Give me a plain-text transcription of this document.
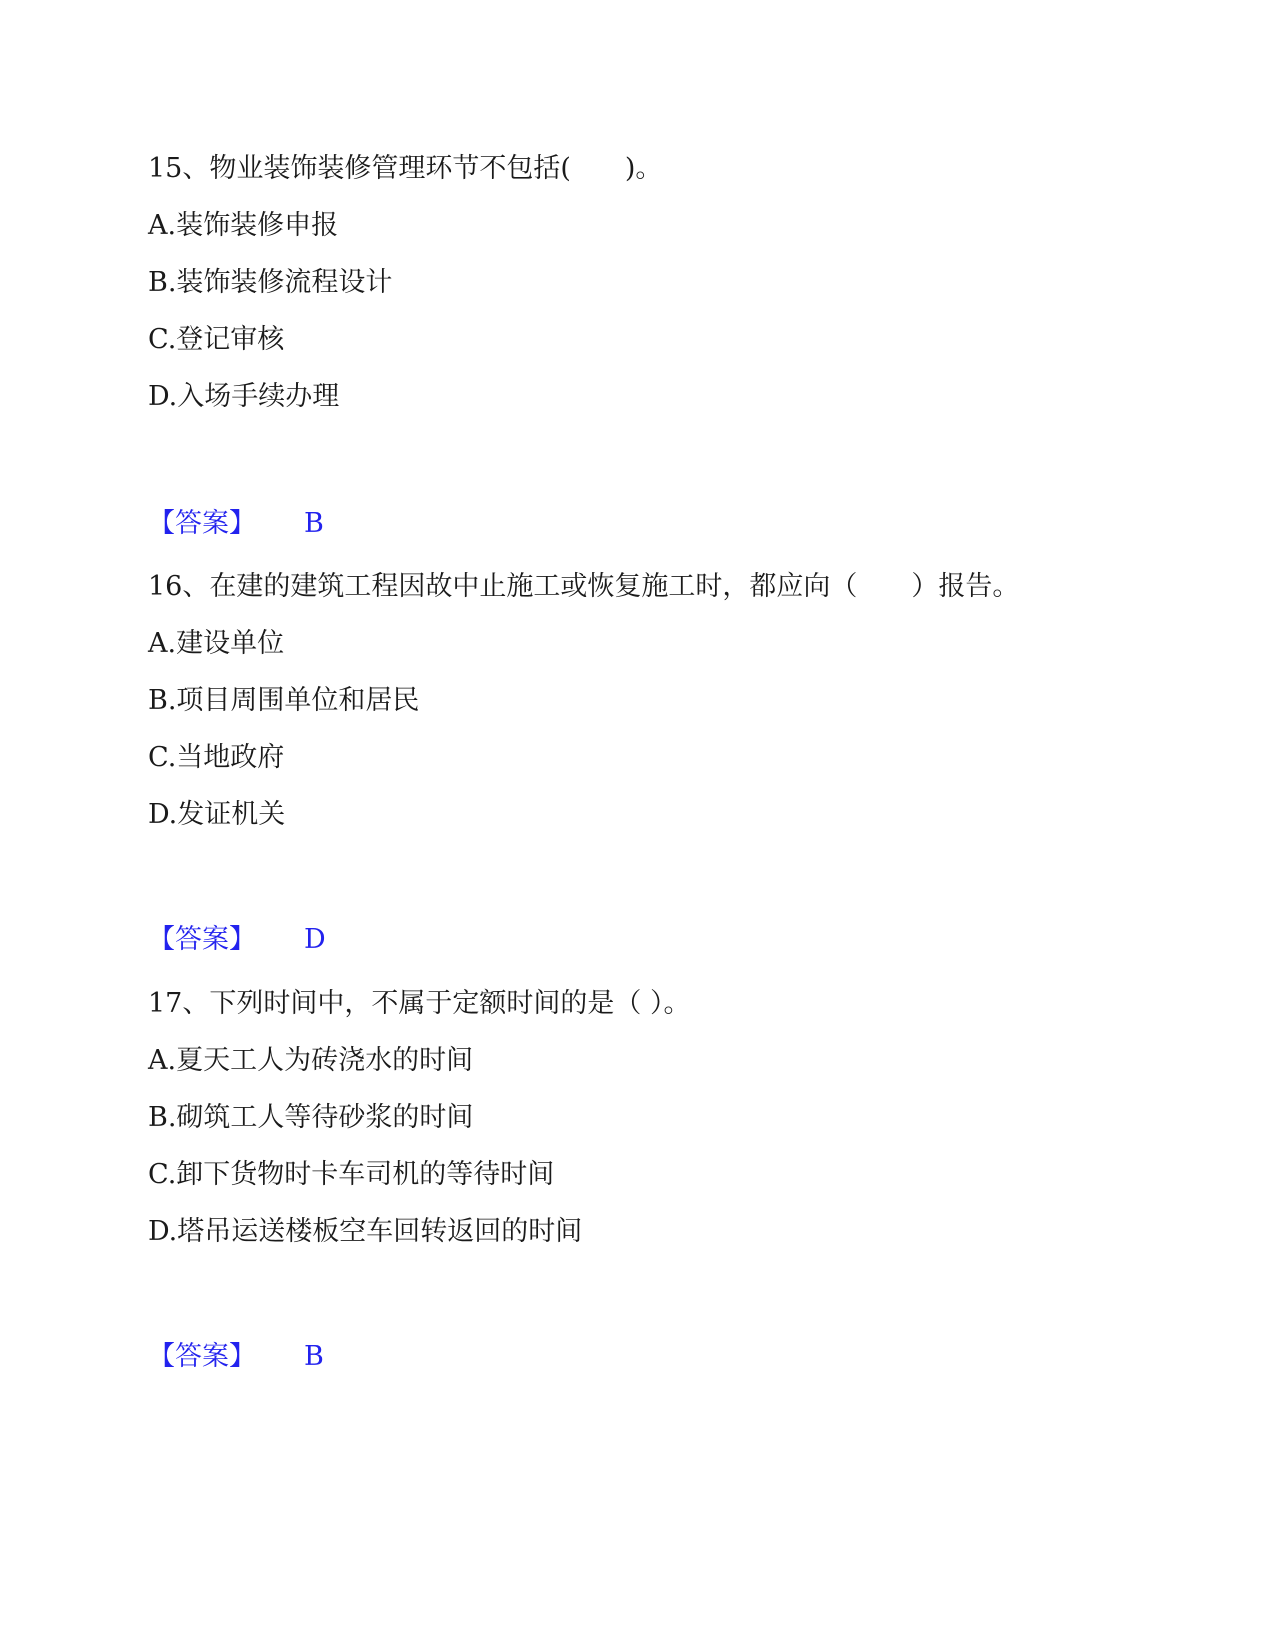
15、物业装饰装修管理环节不包括(　　)。
A.装饰装修申报
B.装饰装修流程设计
C.登记审核
D.入场手续办理
【答案】 B
16、在建的建筑工程因故中止施工或恢复施工时，都应向（　　）报告。
A.建设单位
B.项目周围单位和居民
C.当地政府
D.发证机关
【答案】 D
17、下列时间中，不属于定额时间的是（ ）。
A.夏天工人为砖浇水的时间
B.砌筑工人等待砂浆的时间
C.卸下货物时卡车司机的等待时间
D.塔吊运送楼板空车回转返回的时间
【答案】 B
